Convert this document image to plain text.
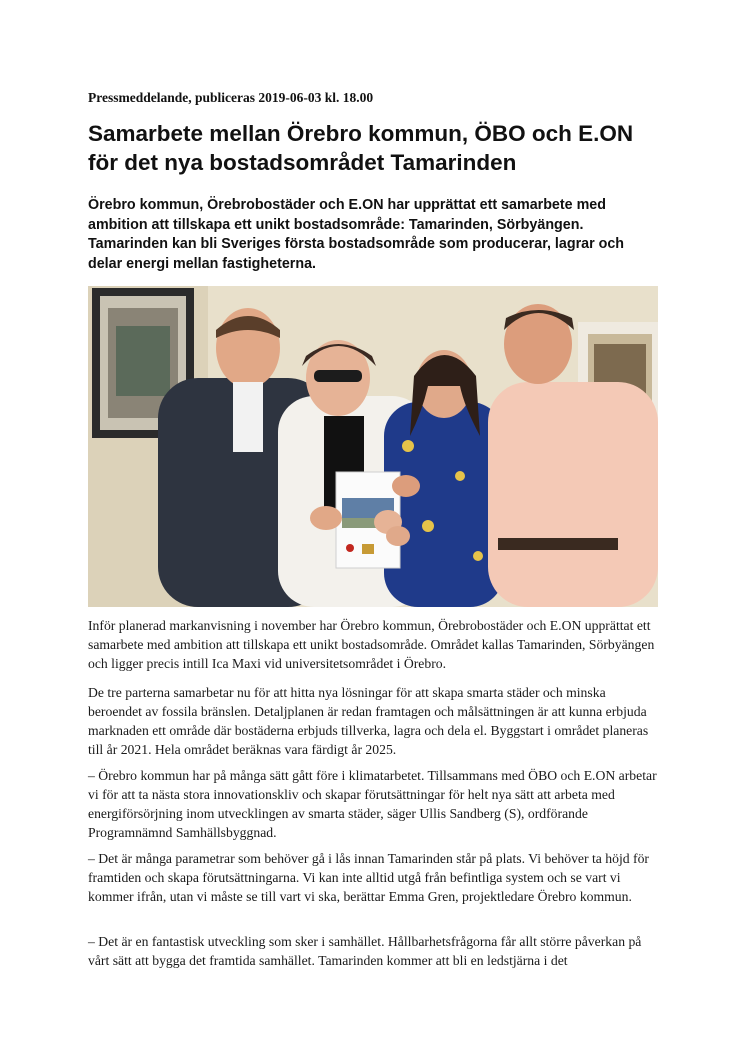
Pressmeddelande, publiceras 2019-06-03 kl. 18.00
Samarbete mellan Örebro kommun, ÖBO och E.ON för det nya bostadsområdet Tamarinden

Örebro kommun, Örebrobostäder och E.ON har upprättat ett samarbete med ambition att tillskapa ett unikt bostadsområde: Tamarinden, Sörbyängen. Tamarinden kan bli Sveriges första bostadsområde som producerar, lagrar och delar energi mellan fastigheterna.

Inför planerad markanvisning i november har Örebro kommun, Örebrobostäder och E.ON upprättat ett samarbete med ambition att tillskapa ett unikt bostadsområde. Området kallas Tamarinden, Sörbyängen och ligger precis intill Ica Maxi vid universitetsområdet i Örebro.

De tre parterna samarbetar nu för att hitta nya lösningar för att skapa smarta städer och minska beroendet av fossila bränslen. Detaljplanen är redan framtagen och målsättningen är att kunna erbjuda marknaden ett område där bostäderna erbjuds tillverka, lagra och dela el. Byggstart i området planeras till år 2021. Hela området beräknas vara färdigt år 2025.

– Örebro kommun har på många sätt gått före i klimatarbetet. Tillsammans med ÖBO och E.ON arbetar vi för att ta nästa stora innovationskliv och skapar förutsättningar för helt nya sätt att arbeta med energiförsörjning inom utvecklingen av smarta städer, säger Ullis Sandberg (S), ordförande Programnämnd Samhällsbyggnad.

– Det är många parametrar som behöver gå i lås innan Tamarinden står på plats. Vi behöver ta höjd för framtiden och skapa förutsättningarna. Vi kan inte alltid utgå från befintliga system och se vart vi kommer ifrån, utan vi måste se till vart vi ska, berättar Emma Gren, projektledare Örebro kommun.

– Det är en fantastisk utveckling som sker i samhället. Hållbarhetsfrågorna får allt större påverkan på vårt sätt att bygga det framtida samhället. Tamarinden kommer att bli en ledstjärna i det
